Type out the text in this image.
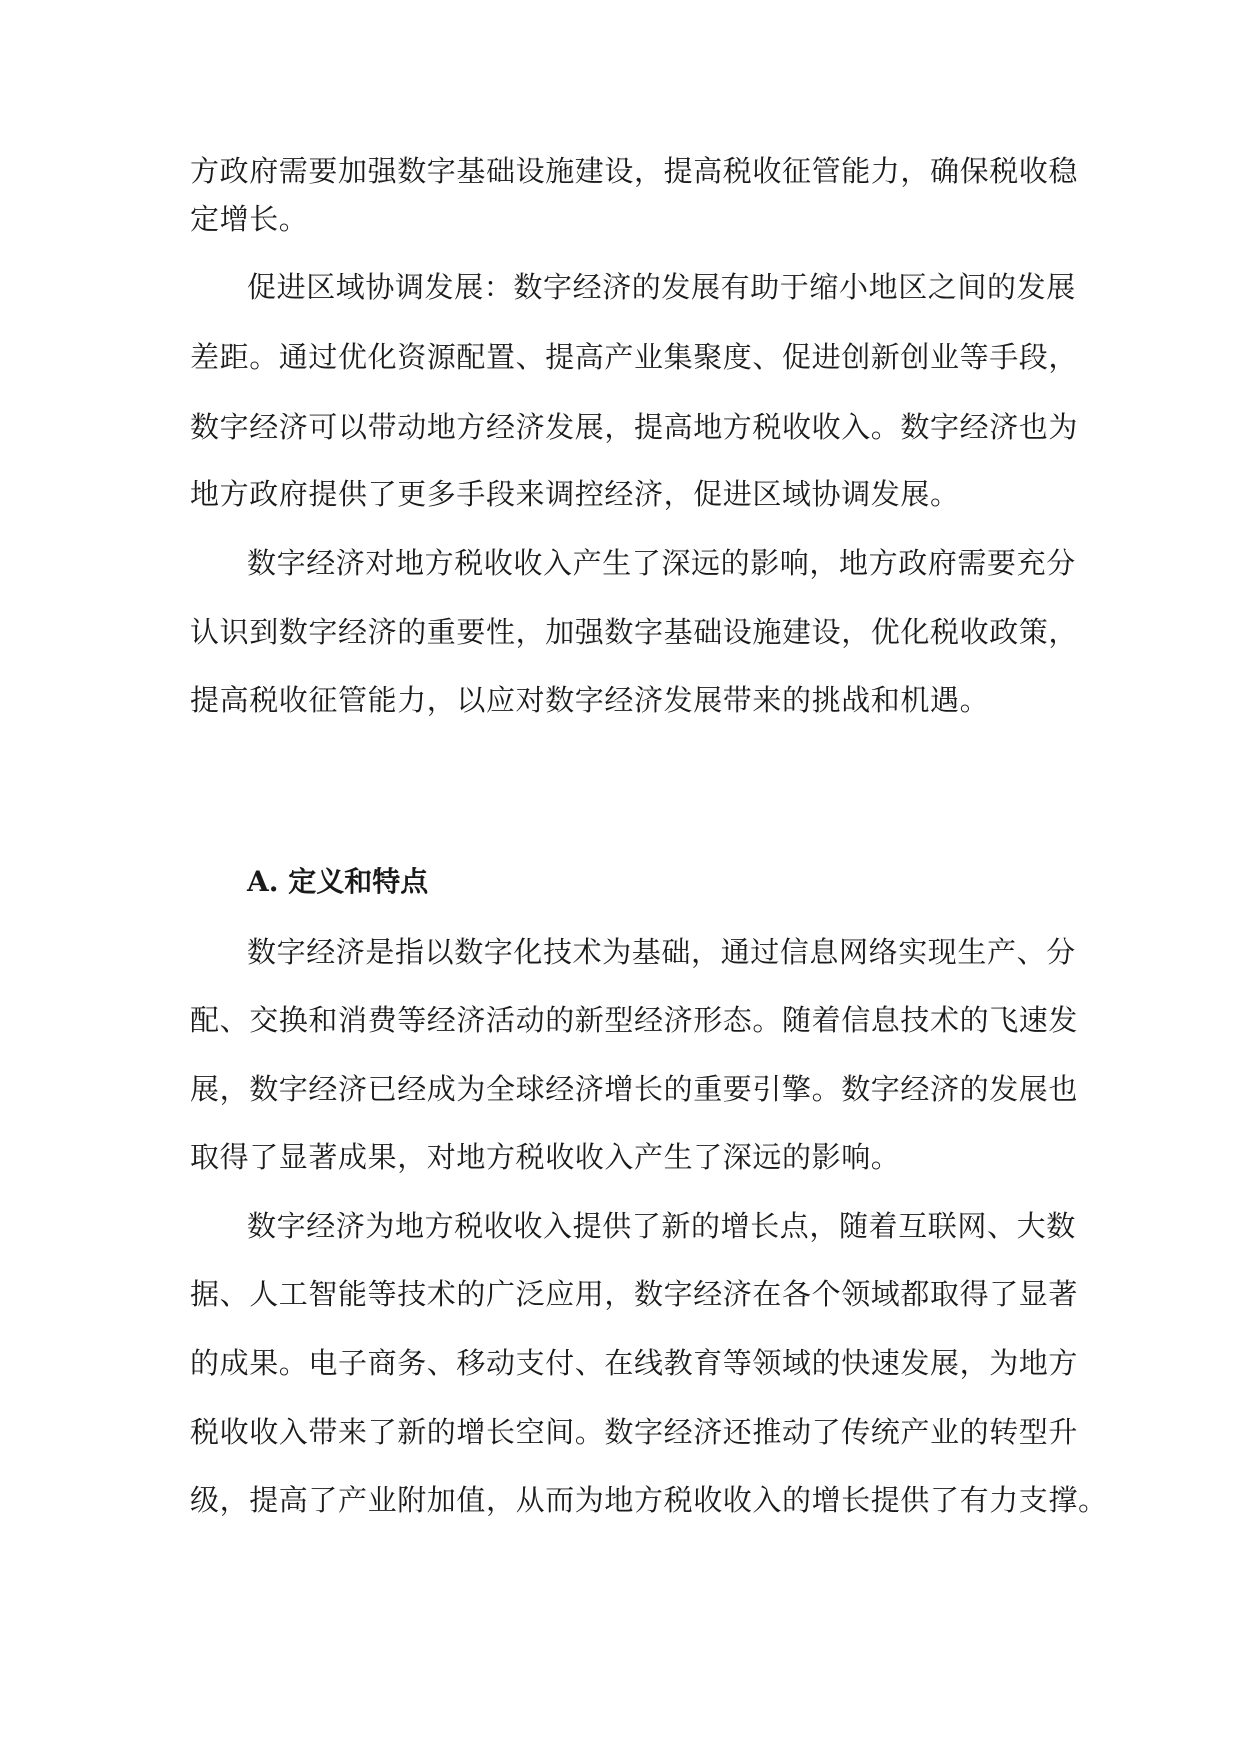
方政府需要加强数字基础设施建设，提高税收征管能力，确保税收稳
定增长。
促进区域协调发展：数字经济的发展有助于缩小地区之间的发展
差距。通过优化资源配置、提高产业集聚度、促进创新创业等手段，
数字经济可以带动地方经济发展，提高地方税收收入。数字经济也为
地方政府提供了更多手段来调控经济，促进区域协调发展。
数字经济对地方税收收入产生了深远的影响，地方政府需要充分
认识到数字经济的重要性，加强数字基础设施建设，优化税收政策，
提高税收征管能力，以应对数字经济发展带来的挑战和机遇。
A. 定义和特点
数字经济是指以数字化技术为基础，通过信息网络实现生产、分
配、交换和消费等经济活动的新型经济形态。随着信息技术的飞速发
展，数字经济已经成为全球经济增长的重要引擎。数字经济的发展也
取得了显著成果，对地方税收收入产生了深远的影响。
数字经济为地方税收收入提供了新的增长点，随着互联网、大数
据、人工智能等技术的广泛应用，数字经济在各个领域都取得了显著
的成果。电子商务、移动支付、在线教育等领域的快速发展，为地方
税收收入带来了新的增长空间。数字经济还推动了传统产业的转型升
级，提高了产业附加值，从而为地方税收收入的增长提供了有力支撑。
